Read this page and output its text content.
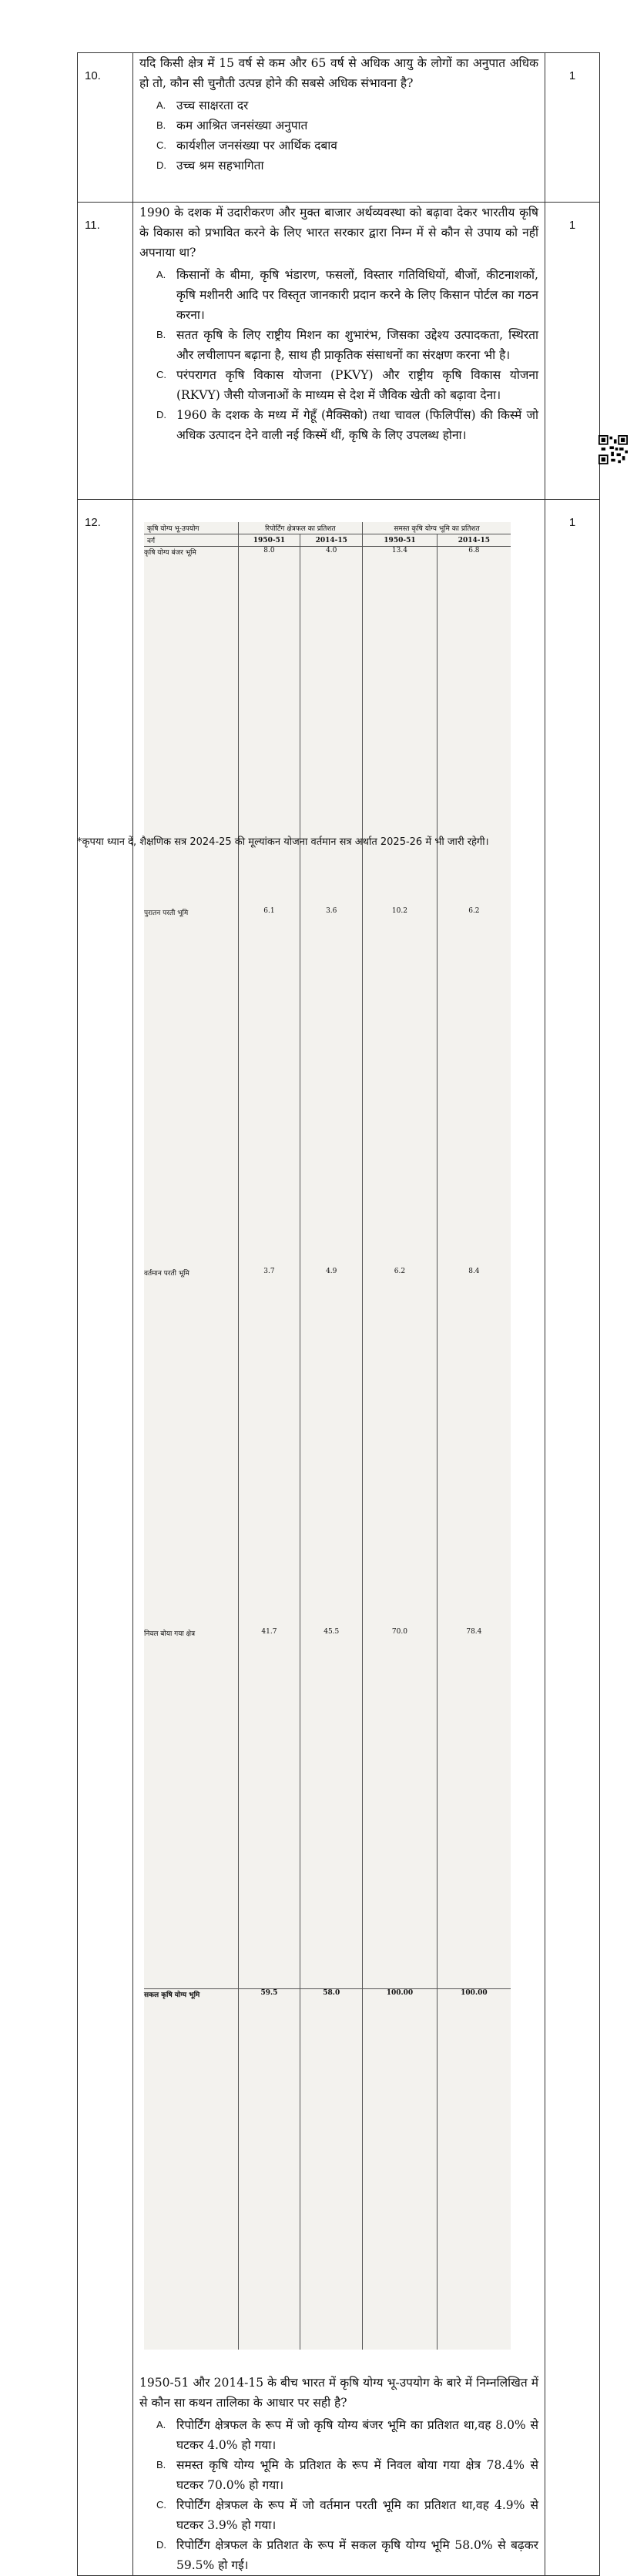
10.	

यदि किसी क्षेत्र में 15 वर्ष से कम और 65 वर्ष से अधिक आयु के लोगों का अनुपात अधिक हो तो, कौन सी चुनौती उत्पन्न होने की सबसे अधिक संभावना है?

A. उच्च साक्षरता दर
B. कम आश्रित जनसंख्या अनुपात
C. कार्यशील जनसंख्या पर आर्थिक दबाव
D. उच्च श्रम सहभागिता
	1
11.	

1990 के दशक में उदारीकरण और मुक्त बाजार अर्थव्यवस्था को बढ़ावा देकर भारतीय कृषि के विकास को प्रभावित करने के लिए भारत सरकार द्वारा निम्न में से कौन से उपाय को नहीं अपनाया था?

A. किसानों के बीमा, कृषि भंडारण, फसलों, विस्तार गतिविधियों, बीजों, कीटनाशकों, कृषि मशीनरी आदि पर विस्तृत जानकारी प्रदान करने के लिए किसान पोर्टल का गठन करना।
B. सतत कृषि के लिए राष्ट्रीय मिशन का शुभारंभ, जिसका उद्देश्य उत्पादकता, स्थिरता और लचीलापन बढ़ाना है, साथ ही प्राकृतिक संसाधनों का संरक्षण करना भी है।
C. परंपरागत कृषि विकास योजना (PKVY) और राष्ट्रीय कृषि विकास योजना (RKVY) जैसी योजनाओं के माध्यम से देश में जैविक खेती को बढ़ावा देना।
D. 1960 के दशक के मध्य में गेहूँ (मैक्सिको) तथा चावल (फिलिपींस) की किस्में जो अधिक उत्पादन देने वाली नई किस्में थीं, कृषि के लिए उपलब्ध होना।
	1
12.		कृषि योग्य भू-उपयोग	रिपोर्टिंग क्षेत्रफल का प्रतिशत	समस्त कृषि योग्य भूमि का प्रतिशत
वर्ग	1950-51	2014-15	1950-51	2014-15
कृषि योग्य बंजर भूमि	8.0	4.0	13.4	6.8
पुरातन परती भूमि	6.1	3.6	10.2	6.2
वर्तमान परती भूमि	3.7	4.9	6.2	8.4
निवल बोया गया क्षेत्र	41.7	45.5	70.0	78.4
सकल कृषि योग्य भूमि	59.5	58.0	100.00	100.00

1950-51 और 2014-15 के बीच भारत में कृषि योग्य भू-उपयोग के बारे में निम्नलिखित में से कौन सा कथन तालिका के आधार पर सही है?

A. रिपोर्टिंग क्षेत्रफल के रूप में जो कृषि योग्य बंजर भूमि का प्रतिशत था,वह 8.0% से घटकर 4.0% हो गया।
B. समस्त कृषि योग्य भूमि के प्रतिशत के रूप में निवल बोया गया क्षेत्र 78.4% से घटकर 70.0% हो गया।
C. रिपोर्टिंग क्षेत्रफल के रूप में जो वर्तमान परती भूमि का प्रतिशत था,वह 4.9% से घटकर 3.9% हो गया।
D. रिपोर्टिंग क्षेत्रफल के प्रतिशत के रूप में सकल कृषि योग्य भूमि 58.0% से बढ़कर 59.5% हो गई।
	1
*कृपया ध्यान दें, शैक्षणिक सत्र 2024-25 की मूल्यांकन योजना वर्तमान सत्र अर्थात 2025-26 में भी जारी रहेगी।
